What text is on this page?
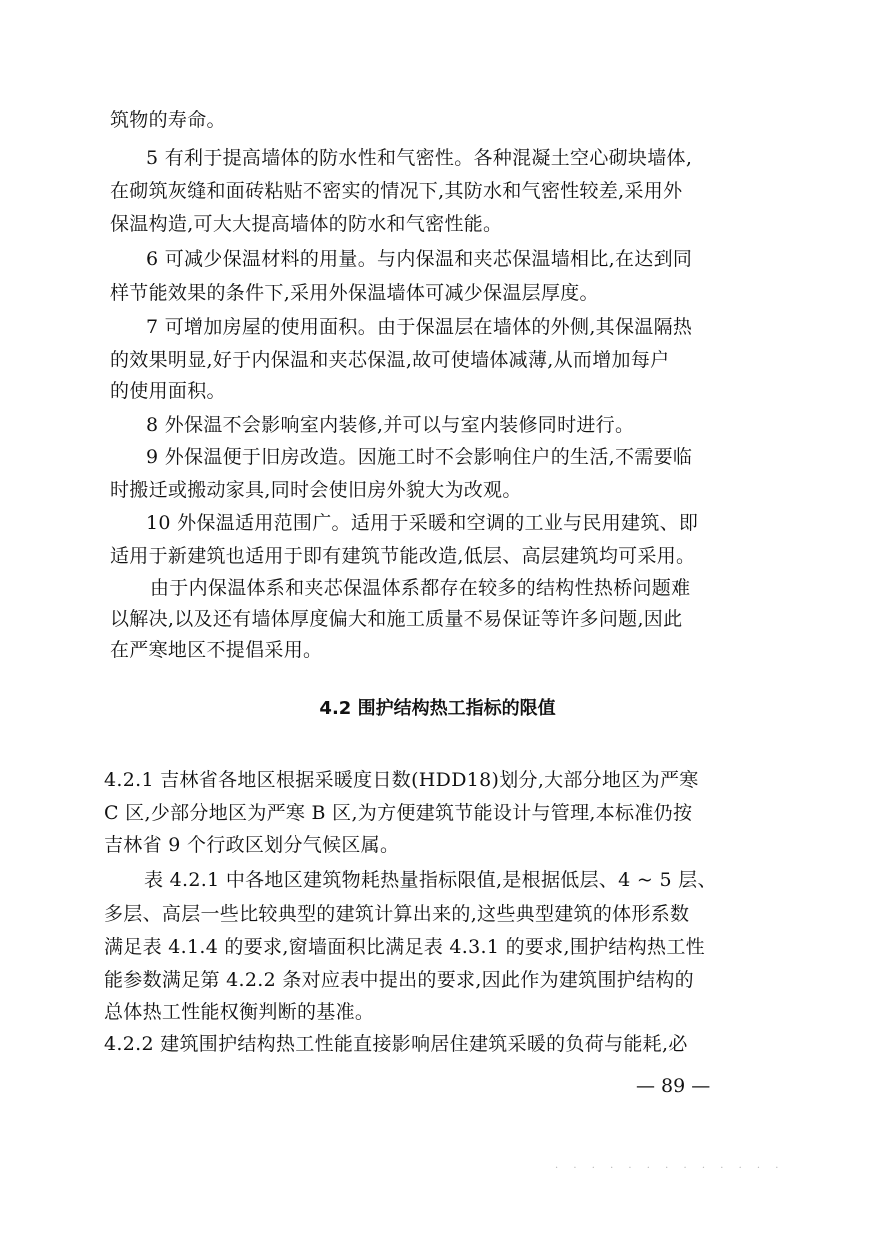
筑物的寿命。
5 有利于提高墙体的防水性和气密性。各种混凝土空心砌块墙体,
在砌筑灰缝和面砖粘贴不密实的情况下,其防水和气密性较差,采用外
保温构造,可大大提高墙体的防水和气密性能。
6 可减少保温材料的用量。与内保温和夹芯保温墙相比,在达到同
样节能效果的条件下,采用外保温墙体可减少保温层厚度。
7 可增加房屋的使用面积。由于保温层在墙体的外侧,其保温隔热
的效果明显,好于内保温和夹芯保温,故可使墙体减薄,从而增加每户
的使用面积。
8 外保温不会影响室内装修,并可以与室内装修同时进行。
9 外保温便于旧房改造。因施工时不会影响住户的生活,不需要临
时搬迁或搬动家具,同时会使旧房外貌大为改观。
10 外保温适用范围广。适用于采暖和空调的工业与民用建筑、即
适用于新建筑也适用于即有建筑节能改造,低层、高层建筑均可采用。
由于内保温体系和夹芯保温体系都存在较多的结构性热桥问题难
以解决,以及还有墙体厚度偏大和施工质量不易保证等许多问题,因此
在严寒地区不提倡采用。
4.2 围护结构热工指标的限值
4.2.1 吉林省各地区根据采暖度日数(HDD18)划分,大部分地区为严寒
C 区,少部分地区为严寒 B 区,为方便建筑节能设计与管理,本标准仍按
吉林省 9 个行政区划分气候区属。
表 4.2.1 中各地区建筑物耗热量指标限值,是根据低层、4 ~ 5 层、
多层、高层一些比较典型的建筑计算出来的,这些典型建筑的体形系数
满足表 4.1.4 的要求,窗墙面积比满足表 4.3.1 的要求,围护结构热工性
能参数满足第 4.2.2 条对应表中提出的要求,因此作为建筑围护结构的
总体热工性能权衡判断的基准。
4.2.2 建筑围护结构热工性能直接影响居住建筑采暖的负荷与能耗,必
— 89 —
· · · · · · · · · · · · ·
